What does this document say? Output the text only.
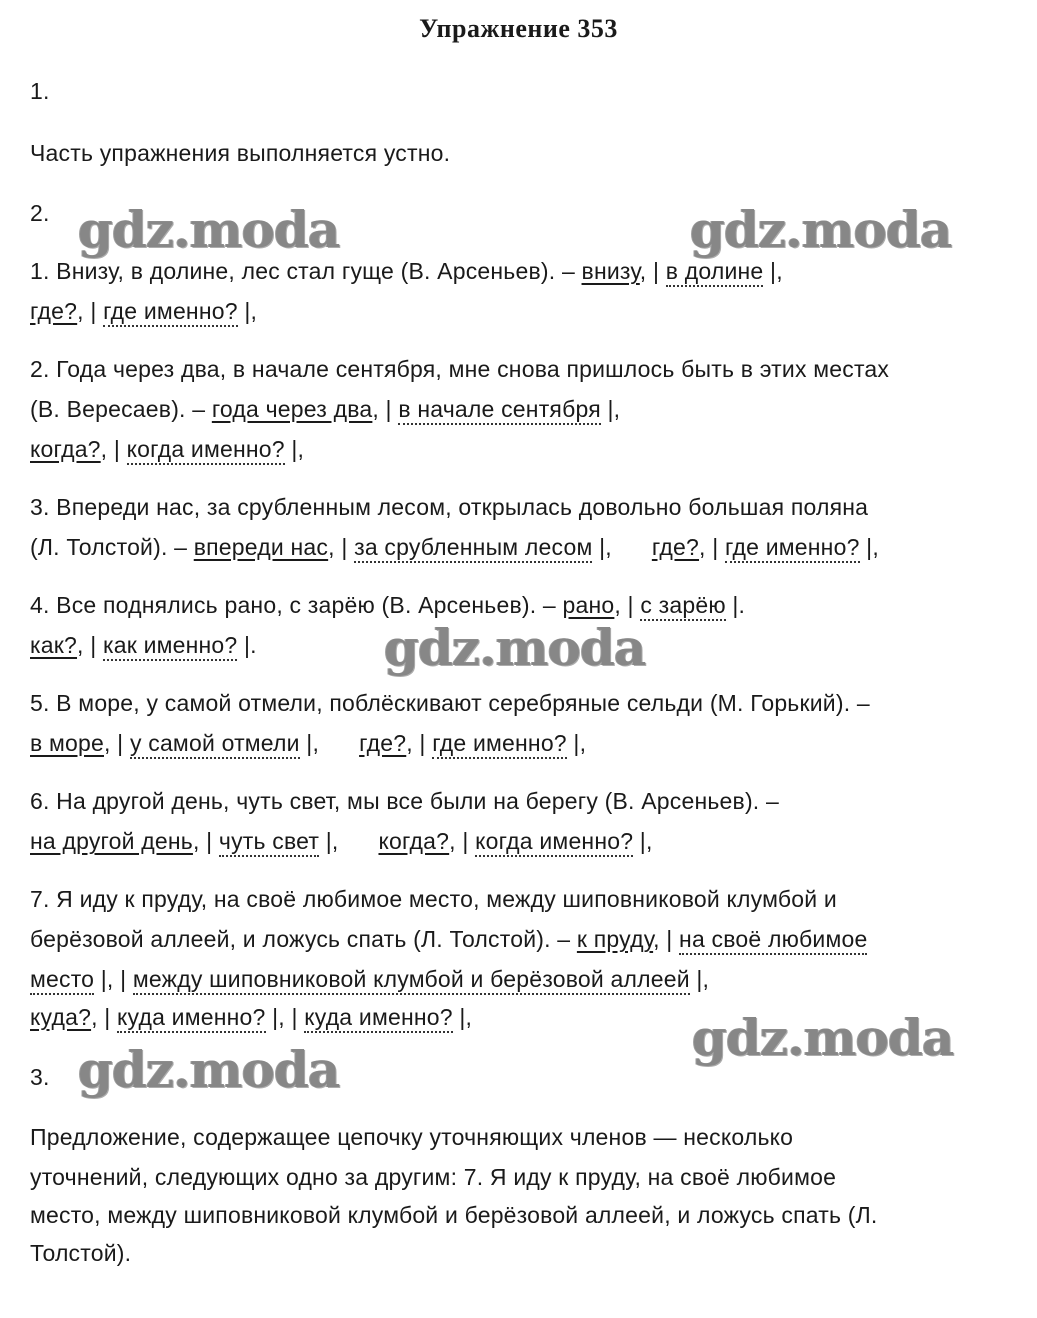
Упражнение 353
1.
Часть упражнения выполняется устно.
2.
1. Внизу, в долине, лес стал гуще (В. Арсеньев). – внизу, | в долине |,
где?, | где именно? |,
2. Года через два, в начале сентября, мне снова пришлось быть в этих местах
(В. Вересаев). – года через два, | в начале сентября |,
когда?, | когда именно? |,
3. Впереди нас, за срубленным лесом, открылась довольно большая поляна
(Л. Толстой). – впереди нас, | за срубленным лесом |, где?, | где именно? |,
4. Все поднялись рано, с зарёю (В. Арсеньев). – рано, | с зарёю |.
как?, | как именно? |.
5. В море, у самой отмели, поблёскивают серебряные сельди (М. Горький). –
в море, | у самой отмели |, где?, | где именно? |,
6. На другой день, чуть свет, мы все были на берегу (В. Арсеньев). –
на другой день, | чуть свет |, когда?, | когда именно? |,
7. Я иду к пруду, на своё любимое место, между шиповниковой клумбой и
берёзовой аллеей, и ложусь спать (Л. Толстой). – к пруду, | на своё любимое
место |, | между шиповниковой клумбой и берёзовой аллеей |,
куда?, | куда именно? |, | куда именно? |,
3.
Предложение, содержащее цепочку уточняющих членов — несколько
уточнений, следующих одно за другим: 7. Я иду к пруду, на своё любимое
место, между шиповниковой клумбой и берёзовой аллеей, и ложусь спать (Л.
Толстой).
gdz.moda	gdz.moda
gdz.moda
gdz.moda
gdz.moda
